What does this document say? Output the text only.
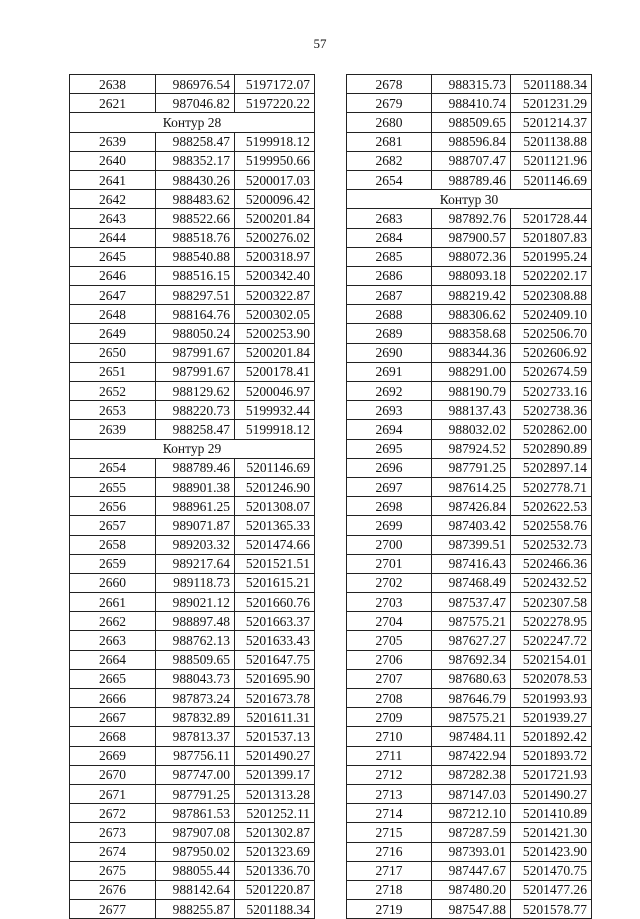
57
2638	986976.54	5197172.07
2621	987046.82	5197220.22
Контур 28		
2639	988258.47	5199918.12
2640	988352.17	5199950.66
2641	988430.26	5200017.03
2642	988483.62	5200096.42
2643	988522.66	5200201.84
2644	988518.76	5200276.02
2645	988540.88	5200318.97
2646	988516.15	5200342.40
2647	988297.51	5200322.87
2648	988164.76	5200302.05
2649	988050.24	5200253.90
2650	987991.67	5200201.84
2651	987991.67	5200178.41
2652	988129.62	5200046.97
2653	988220.73	5199932.44
2639	988258.47	5199918.12
Контур 29		
2654	988789.46	5201146.69
2655	988901.38	5201246.90
2656	988961.25	5201308.07
2657	989071.87	5201365.33
2658	989203.32	5201474.66
2659	989217.64	5201521.51
2660	989118.73	5201615.21
2661	989021.12	5201660.76
2662	988897.48	5201663.37
2663	988762.13	5201633.43
2664	988509.65	5201647.75
2665	988043.73	5201695.90
2666	987873.24	5201673.78
2667	987832.89	5201611.31
2668	987813.37	5201537.13
2669	987756.11	5201490.27
2670	987747.00	5201399.17
2671	987791.25	5201313.28
2672	987861.53	5201252.11
2673	987907.08	5201302.87
2674	987950.02	5201323.69
2675	988055.44	5201336.70
2676	988142.64	5201220.87
2677	988255.87	5201188.34
2678	988315.73	5201188.34
2679	988410.74	5201231.29
2680	988509.65	5201214.37
2681	988596.84	5201138.88
2682	988707.47	5201121.96
2654	988789.46	5201146.69
Контур 30		
2683	987892.76	5201728.44
2684	987900.57	5201807.83
2685	988072.36	5201995.24
2686	988093.18	5202202.17
2687	988219.42	5202308.88
2688	988306.62	5202409.10
2689	988358.68	5202506.70
2690	988344.36	5202606.92
2691	988291.00	5202674.59
2692	988190.79	5202733.16
2693	988137.43	5202738.36
2694	988032.02	5202862.00
2695	987924.52	5202890.89
2696	987791.25	5202897.14
2697	987614.25	5202778.71
2698	987426.84	5202622.53
2699	987403.42	5202558.76
2700	987399.51	5202532.73
2701	987416.43	5202466.36
2702	987468.49	5202432.52
2703	987537.47	5202307.58
2704	987575.21	5202278.95
2705	987627.27	5202247.72
2706	987692.34	5202154.01
2707	987680.63	5202078.53
2708	987646.79	5201993.93
2709	987575.21	5201939.27
2710	987484.11	5201892.42
2711	987422.94	5201893.72
2712	987282.38	5201721.93
2713	987147.03	5201490.27
2714	987212.10	5201410.89
2715	987287.59	5201421.30
2716	987393.01	5201423.90
2717	987447.67	5201470.75
2718	987480.20	5201477.26
2719	987547.88	5201578.77
